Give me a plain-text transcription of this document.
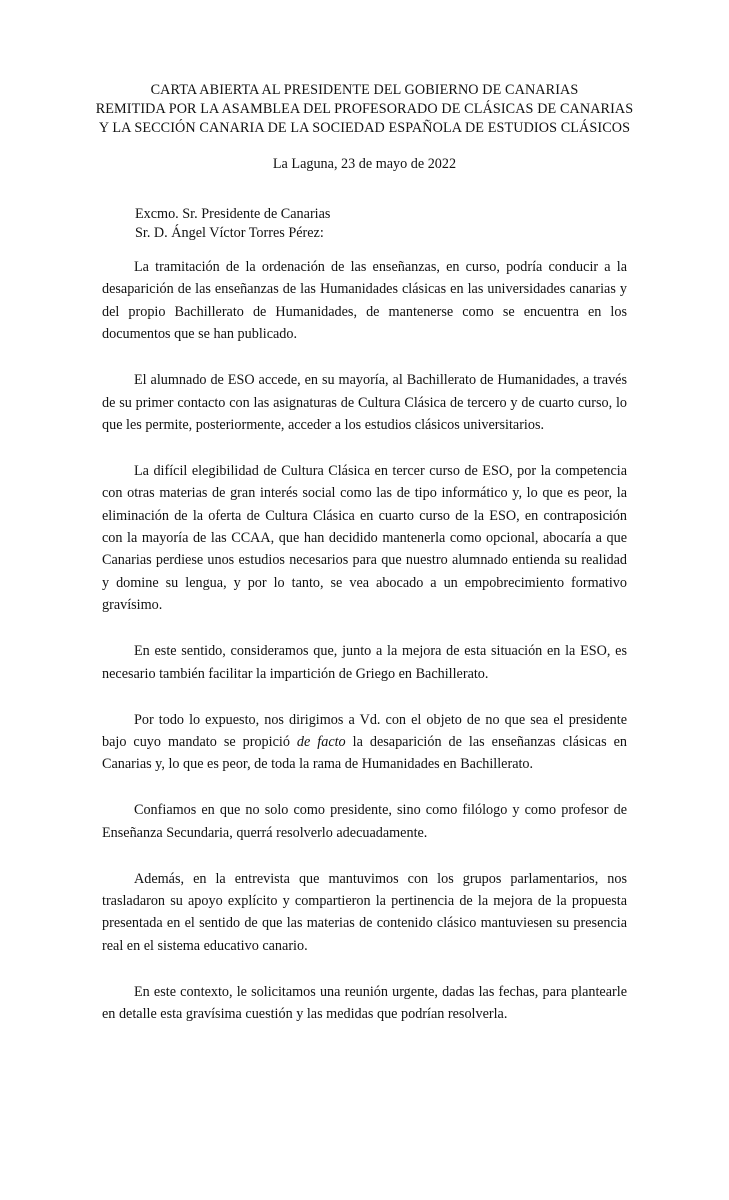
CARTA ABIERTA AL PRESIDENTE DEL GOBIERNO DE CANARIAS
REMITIDA POR LA ASAMBLEA DEL PROFESORADO DE CLÁSICAS DE CANARIAS
Y LA SECCIÓN CANARIA DE LA SOCIEDAD ESPAÑOLA DE ESTUDIOS CLÁSICOS
La Laguna, 23 de mayo de 2022
Excmo. Sr. Presidente de Canarias
Sr. D. Ángel Víctor Torres Pérez:

La tramitación de la ordenación de las enseñanzas, en curso, podría conducir a la desaparición de las enseñanzas de las Humanidades clásicas en las universidades canarias y del propio Bachillerato de Humanidades, de mantenerse como se encuentra en los documentos que se han publicado.

El alumnado de ESO accede, en su mayoría, al Bachillerato de Humanidades, a través de su primer contacto con las asignaturas de Cultura Clásica de tercero y de cuarto curso, lo que les permite, posteriormente, acceder a los estudios clásicos universitarios.

La difícil elegibilidad de Cultura Clásica en tercer curso de ESO, por la competencia con otras materias de gran interés social como las de tipo informático y, lo que es peor, la eliminación de la oferta de Cultura Clásica en cuarto curso de la ESO, en contraposición con la mayoría de las CCAA, que han decidido mantenerla como opcional, abocaría a que Canarias perdiese unos estudios necesarios para que nuestro alumnado entienda su realidad y domine su lengua, y por lo tanto, se vea abocado a un empobrecimiento formativo gravísimo.

En este sentido, consideramos que, junto a la mejora de esta situación en la ESO, es necesario también facilitar la impartición de Griego en Bachillerato.

Por todo lo expuesto, nos dirigimos a Vd. con el objeto de no que sea el presidente bajo cuyo mandato se propició de facto la desaparición de las enseñanzas clásicas en Canarias y, lo que es peor, de toda la rama de Humanidades en Bachillerato.

Confiamos en que no solo como presidente, sino como filólogo y como profesor de Enseñanza Secundaria, querrá resolverlo adecuadamente.

Además, en la entrevista que mantuvimos con los grupos parlamentarios, nos trasladaron su apoyo explícito y compartieron la pertinencia de la mejora de la propuesta presentada en el sentido de que las materias de contenido clásico mantuviesen su presencia real en el sistema educativo canario.

En este contexto, le solicitamos una reunión urgente, dadas las fechas, para plantearle en detalle esta gravísima cuestión y las medidas que podrían resolverla.
